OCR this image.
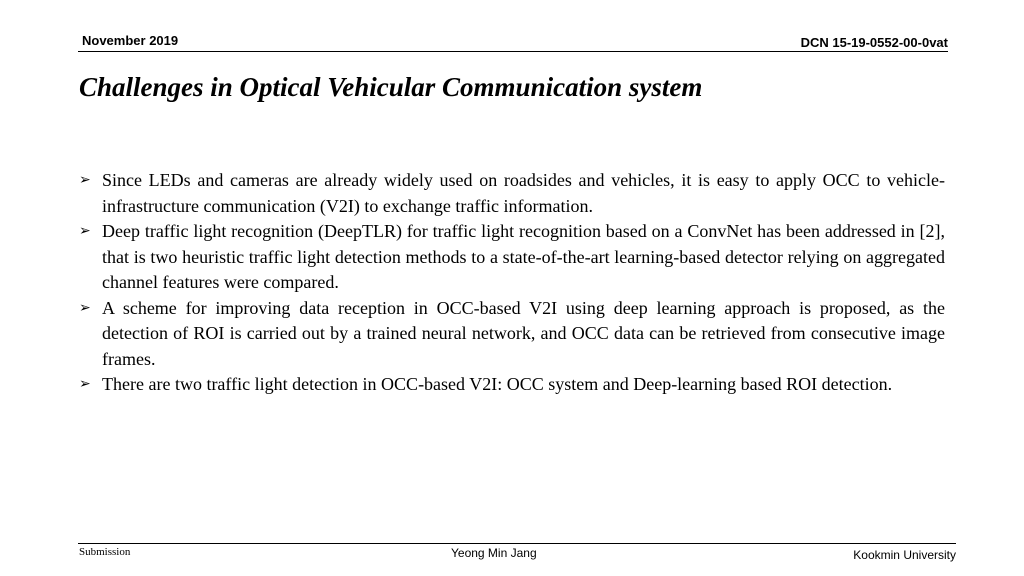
November 2019	DCN 15-19-0552-00-0vat
Challenges in Optical Vehicular Communication system
➢ Since LEDs and cameras are already widely used on roadsides and vehicles, it is easy to apply OCC to vehicle-infrastructure communication (V2I) to exchange traffic information.
➢ Deep traffic light recognition (DeepTLR) for traffic light recognition based on a ConvNet has been addressed in [2], that is two heuristic traffic light detection methods to a state-of-the-art learning-based detector relying on aggregated channel features were compared.
➢ A scheme for improving data reception in OCC-based V2I using deep learning approach is proposed, as the detection of ROI is carried out by a trained neural network, and OCC data can be retrieved from consecutive image frames.
➢ There are two traffic light detection in OCC-based V2I: OCC system and Deep-learning based ROI detection.
Submission	Yeong Min Jang	Kookmin University
